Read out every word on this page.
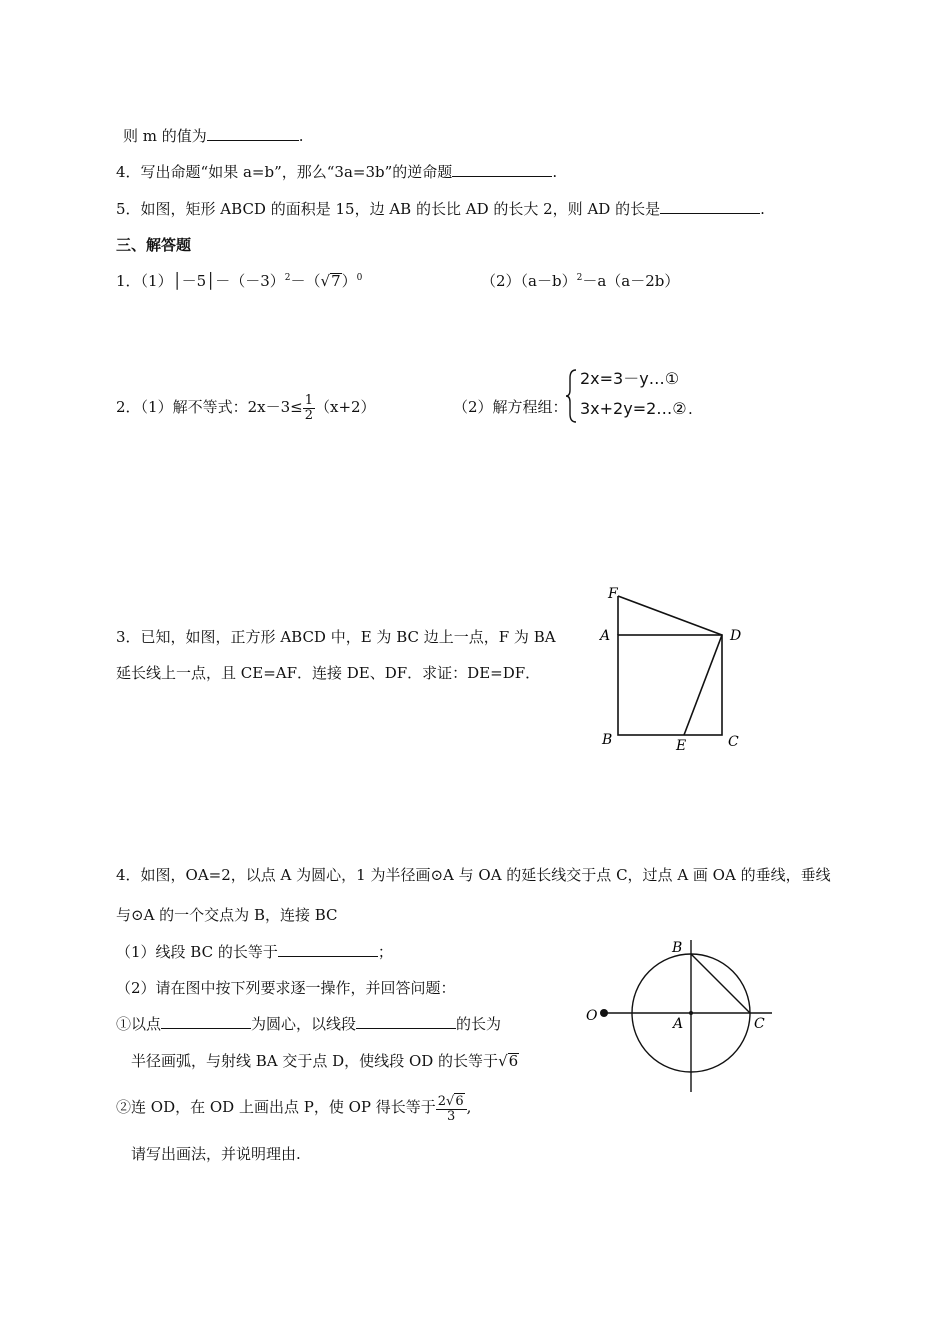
则 m 的值为	.
4．写出命题“如果 a=b”，那么“3a=3b”的逆命题	.
5．如图，矩形 ABCD 的面积是 15，边 AB 的长比 AD 的长大 2，则 AD 的长是	.
三、解答题
1．$(1)│-5│-(-3)^2-(√7)^0$	$(2)(a-b)^2-a(a-2b)$
2．（1）解不等式：$2x-3\le \frac{1}{2} (x+2)$	（2）解方程组：
2x=3－y…①
3x+2y=2…② .
3．已知，如图，正方形 ABCD 中，E 为 BC 边上一点，F 为 BA
延长线上一点，且 CE=AF．连接 DE、DF．求证：DE=DF．
F
A	D
B	E	C
4．如图，OA=2，以点 A 为圆心，1 为半径画⊙A 与 OA 的延长线交于点 C，过点 A 画 OA 的垂线，垂线
与⊙A 的一个交点为 B，连接 BC
（1）线段 BC 的长等于	；
（2）请在图中按下列要求逐一操作，并回答问题：
①以点	为圆心，以线段	的长为
半径画弧，与射线 BA 交于点 D，使线段 OD 的长等于√6
②连 OD，在 OD 上画出点 P，使 OP 得长等于 $\frac{2√6}{3}$ ,
请写出画法，并说明理由.
B
O	A	C
